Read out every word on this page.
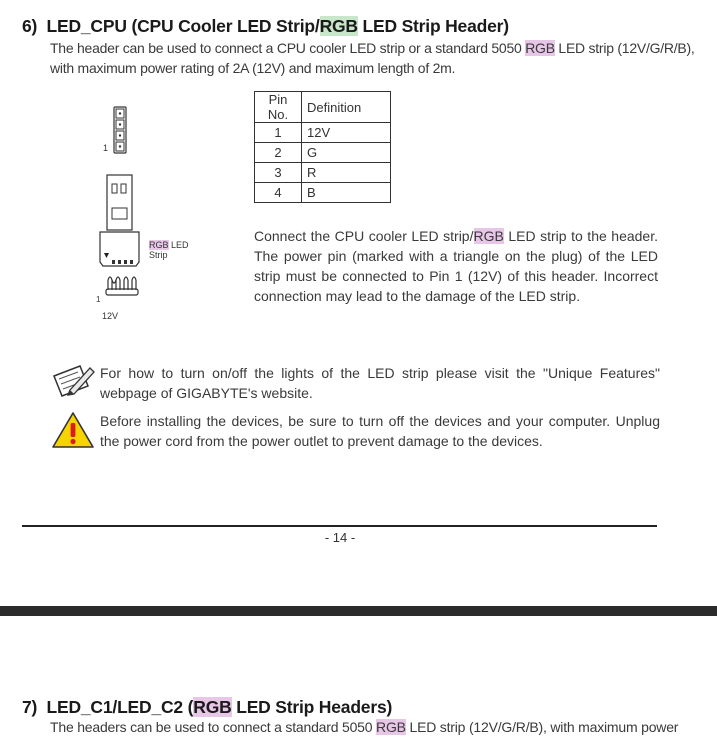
6) LED_CPU (CPU Cooler LED Strip/RGB LED Strip Header)
The header can be used to connect a CPU cooler LED strip or a standard 5050 RGB LED strip (12V/G/R/B),
with maximum power rating of 2A (12V) and maximum length of 2m.
1
RGB LED
Strip
1
12V
Pin No.	Definition
1	12V
2	G
3	R
4	B
Connect the CPU cooler LED strip/RGB LED strip to the header. The power pin (marked with a triangle on the plug) of the LED strip must be connected to Pin 1 (12V) of this header. Incorrect connection may lead to the damage of the LED strip.
For how to turn on/off the lights of the LED strip please visit the "Unique Features" webpage of GIGABYTE's website.
Before installing the devices, be sure to turn off the devices and your computer. Unplug the power cord from the power outlet to prevent damage to the devices.
- 14 -
7) LED_C1/LED_C2 (RGB LED Strip Headers)
The headers can be used to connect a standard 5050 RGB LED strip (12V/G/R/B), with maximum power
